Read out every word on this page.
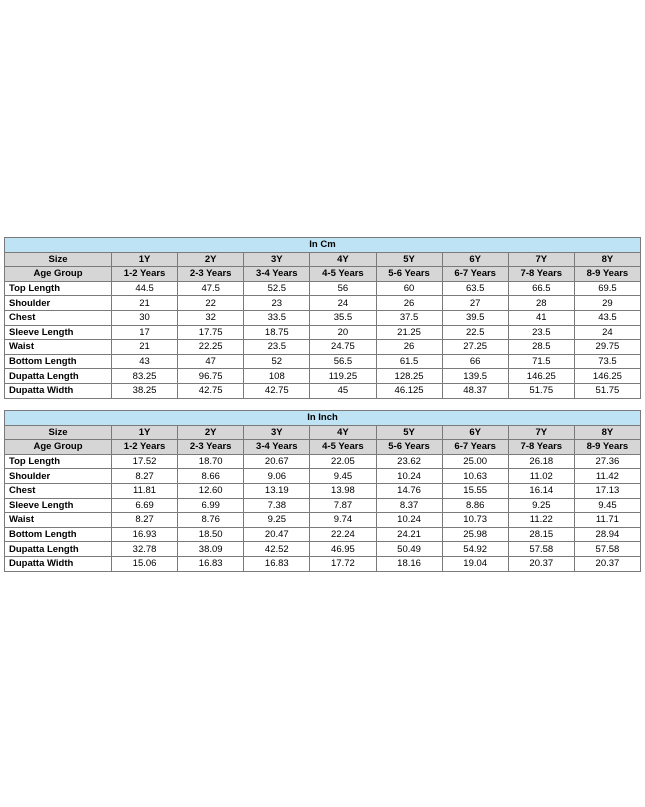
In Cm								
Size	1Y	2Y	3Y	4Y	5Y	6Y	7Y	8Y
Age Group	1-2 Years	2-3 Years	3-4 Years	4-5 Years	5-6 Years	6-7 Years	7-8 Years	8-9 Years
Top Length	44.5	47.5	52.5	56	60	63.5	66.5	69.5
Shoulder	21	22	23	24	26	27	28	29
Chest	30	32	33.5	35.5	37.5	39.5	41	43.5
Sleeve Length	17	17.75	18.75	20	21.25	22.5	23.5	24
Waist	21	22.25	23.5	24.75	26	27.25	28.5	29.75
Bottom Length	43	47	52	56.5	61.5	66	71.5	73.5
Dupatta Length	83.25	96.75	108	119.25	128.25	139.5	146.25	146.25
Dupatta Width	38.25	42.75	42.75	45	46.125	48.37	51.75	51.75
In Inch								
Size	1Y	2Y	3Y	4Y	5Y	6Y	7Y	8Y
Age Group	1-2 Years	2-3 Years	3-4 Years	4-5 Years	5-6 Years	6-7 Years	7-8 Years	8-9 Years
Top Length	17.52	18.70	20.67	22.05	23.62	25.00	26.18	27.36
Shoulder	8.27	8.66	9.06	9.45	10.24	10.63	11.02	11.42
Chest	11.81	12.60	13.19	13.98	14.76	15.55	16.14	17.13
Sleeve Length	6.69	6.99	7.38	7.87	8.37	8.86	9.25	9.45
Waist	8.27	8.76	9.25	9.74	10.24	10.73	11.22	11.71
Bottom Length	16.93	18.50	20.47	22.24	24.21	25.98	28.15	28.94
Dupatta Length	32.78	38.09	42.52	46.95	50.49	54.92	57.58	57.58
Dupatta Width	15.06	16.83	16.83	17.72	18.16	19.04	20.37	20.37
